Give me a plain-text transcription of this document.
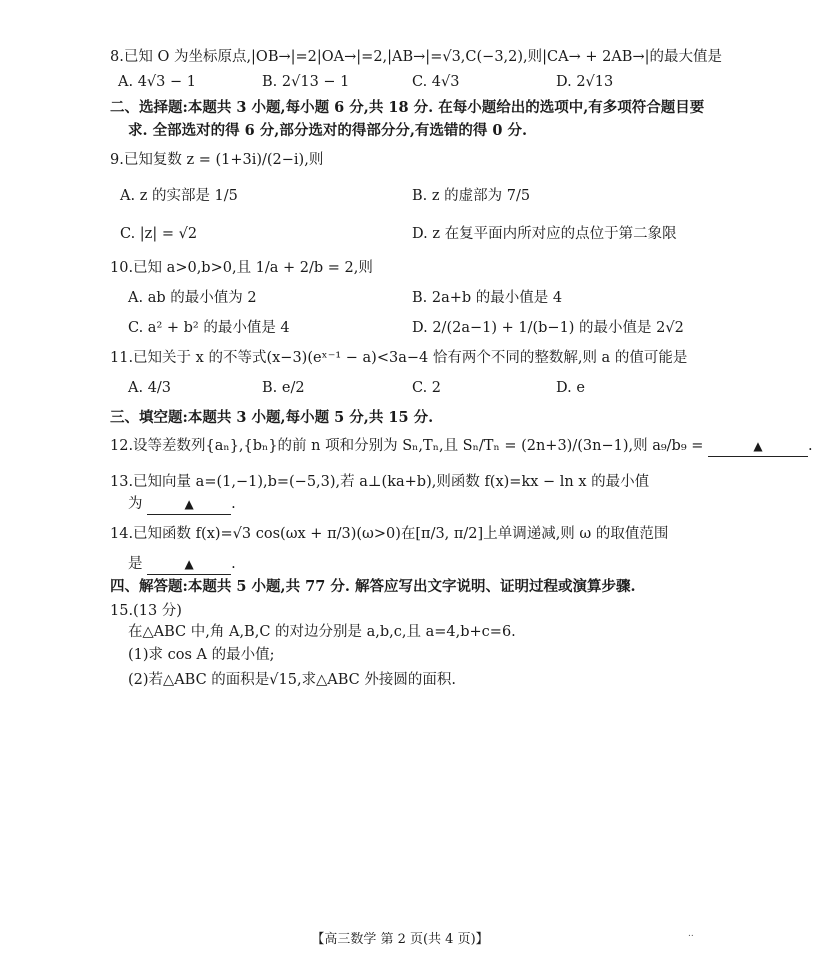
8.已知 O 为坐标原点,|OB→|=2|OA→|=2,|AB→|=√3,C(−3,2),则|CA→ + 2AB→|的最大值是
A. 4√3 − 1	B. 2√13 − 1	C. 4√3	D. 2√13
二、选择题:本题共 3 小题,每小题 6 分,共 18 分. 在每小题给出的选项中,有多项符合题目要
求. 全部选对的得 6 分,部分选对的得部分分,有选错的得 0 分.
9.已知复数 z = (1+3i)/(2−i),则
A. z 的实部是 1/5	B. z 的虚部为 7/5
C. |z| = √2	D. z 在复平面内所对应的点位于第二象限
10.已知 a>0,b>0,且 1/a + 2/b = 2,则
A. ab 的最小值为 2	B. 2a+b 的最小值是 4
C. a² + b² 的最小值是 4	D. 2/(2a−1) + 1/(b−1) 的最小值是 2√2
11.已知关于 x 的不等式(x−3)(eˣ⁻¹ − a)<3a−4 恰有两个不同的整数解,则 a 的值可能是
A. 4/3	B. e/2	C. 2	D. e
三、填空题:本题共 3 小题,每小题 5 分,共 15 分.
12.设等差数列{aₙ},{bₙ}的前 n 项和分别为 Sₙ,Tₙ,且 Sₙ/Tₙ = (2n+3)/(3n−1),则 a₉/b₉ =	▲	.
13.已知向量 a=(1,−1),b=(−5,3),若 a⊥(ka+b),则函数 f(x)=kx − ln x 的最小值
为	▲	.
14.已知函数 f(x)=√3 cos(ωx + π/3)(ω>0)在[π/3, π/2]上单调递减,则 ω 的取值范围
是	▲	.
四、解答题:本题共 5 小题,共 77 分. 解答应写出文字说明、证明过程或演算步骤.
15.(13 分)
在△ABC 中,角 A,B,C 的对边分别是 a,b,c,且 a=4,b+c=6.
(1)求 cos A 的最小值;
(2)若△ABC 的面积是√15,求△ABC 外接圆的面积.
【高三数学 第 2 页(共 4 页)】	..
